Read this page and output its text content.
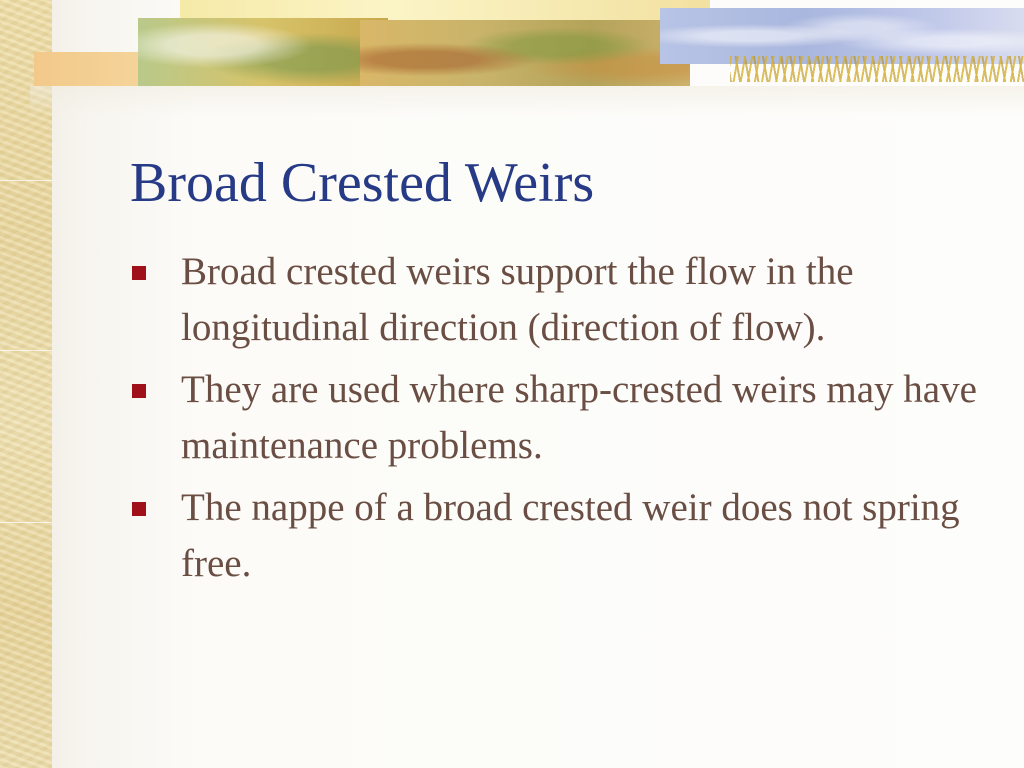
Broad Crested Weirs
Broad crested weirs support the flow in the longitudinal direction (direction of flow).
They are used where sharp-crested weirs may have maintenance problems.
The nappe of a broad crested weir does not spring free.
